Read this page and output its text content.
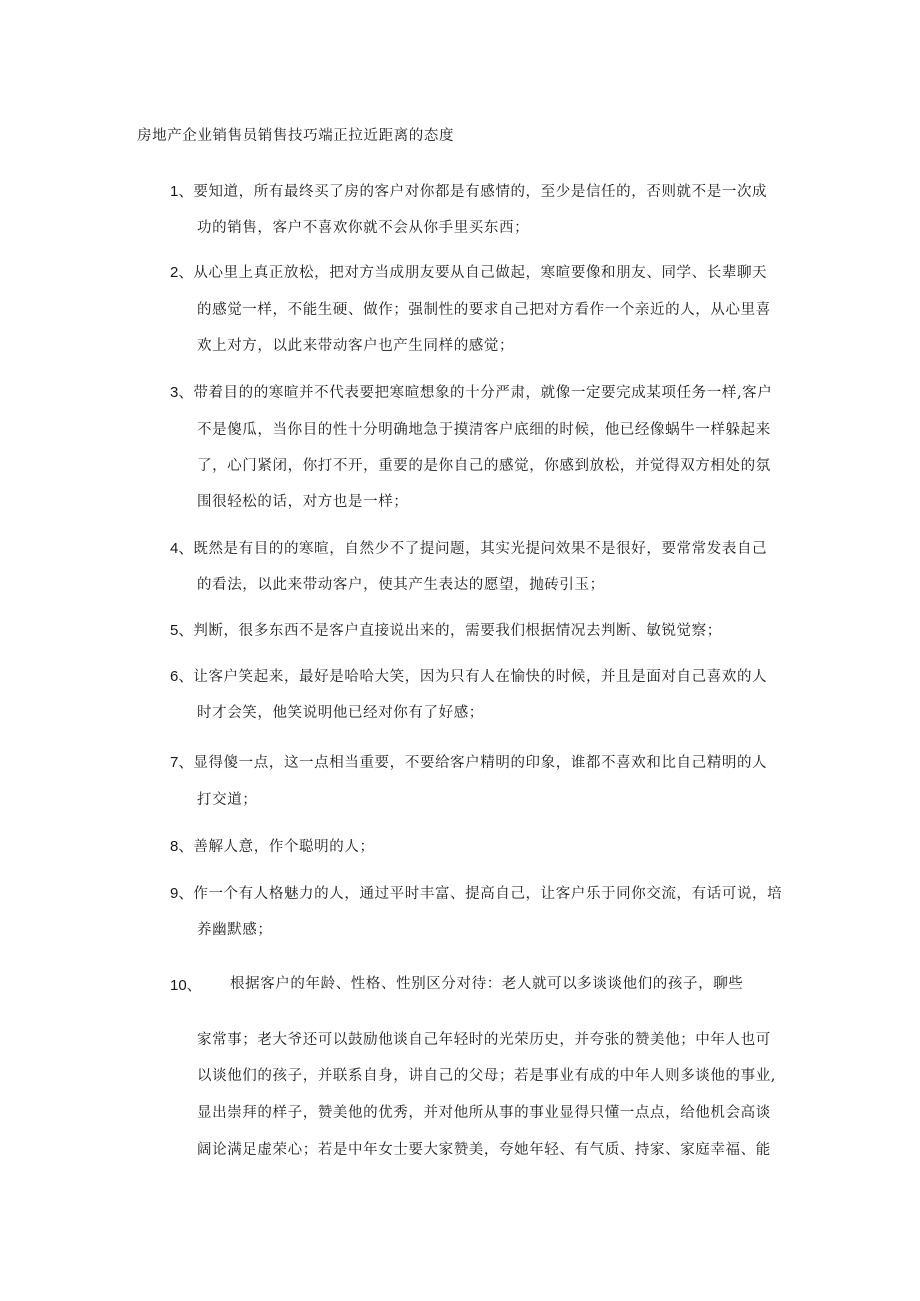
房地产企业销售员销售技巧端正拉近距离的态度
1、要知道，所有最终买了房的客户对你都是有感情的，至少是信任的，否则就不是一次成
功的销售，客户不喜欢你就不会从你手里买东西；
2、从心里上真正放松，把对方当成朋友要从自己做起，寒暄要像和朋友、同学、长辈聊天
的感觉一样，不能生硬、做作；强制性的要求自己把对方看作一个亲近的人，从心里喜
欢上对方，以此来带动客户也产生同样的感觉；
3、带着目的的寒暄并不代表要把寒暄想象的十分严肃，就像一定要完成某项任务一样,客户
不是傻瓜，当你目的性十分明确地急于摸清客户底细的时候，他已经像蜗牛一样躲起来
了，心门紧闭，你打不开，重要的是你自己的感觉，你感到放松，并觉得双方相处的氛
围很轻松的话，对方也是一样；
4、既然是有目的的寒暄，自然少不了提问题，其实光提问效果不是很好，要常常发表自己
的看法，以此来带动客户，使其产生表达的愿望，抛砖引玉；
5、判断，很多东西不是客户直接说出来的，需要我们根据情况去判断、敏锐觉察；
6、让客户笑起来，最好是哈哈大笑，因为只有人在愉快的时候，并且是面对自己喜欢的人
时才会笑，他笑说明他已经对你有了好感；
7、显得傻一点，这一点相当重要，不要给客户精明的印象，谁都不喜欢和比自己精明的人
打交道；
8、善解人意，作个聪明的人；
9、作一个有人格魅力的人，通过平时丰富、提高自己，让客户乐于同你交流，有话可说，培
养幽默感；
10、 根据客户的年龄、性格、性别区分对待：老人就可以多谈谈他们的孩子，聊些
家常事；老大爷还可以鼓励他谈自己年轻时的光荣历史，并夸张的赞美他；中年人也可
以谈他们的孩子，并联系自身，讲自己的父母；若是事业有成的中年人则多谈他的事业,
显出崇拜的样子，赞美他的优秀，并对他所从事的事业显得只懂一点点，给他机会高谈
阔论满足虚荣心；若是中年女士要大家赞美，夸她年轻、有气质、持家、家庭幸福、能
